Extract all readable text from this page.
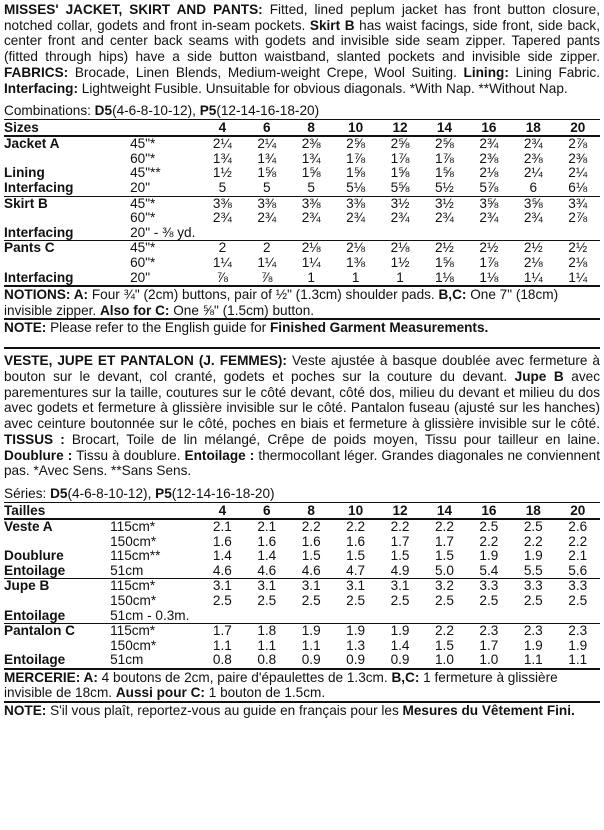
MISSES' JACKET, SKIRT AND PANTS: Fitted, lined peplum jacket has front button closure, notched collar, godets and front in-seam pockets. Skirt B has waist facings, side front, side back, center front and center back seams with godets and invisible side seam zipper. Tapered pants (fitted through hips) have a side button waistband, slanted pockets and invisible side zipper. FABRICS: Brocade, Linen Blends, Medium-weight Crepe, Wool Suiting. Lining: Lining Fabric. Interfacing: Lightweight Fusible. Unsuitable for obvious diagonals. *With Nap. **Without Nap.
Combinations: D5(4-6-8-10-12), P5(12-14-16-18-20)
Sizes		4	6	8	10	12	14	16	18	20
Jacket A	45"*	2¼	2¼	2⅜	2⅝	2⅝	2⅝	2¾	2¾	2⅞
	60"*	1¾	1¾	1¾	1⅞	1⅞	1⅞	2⅜	2⅜	2⅜
Lining	45"**	1½	1⅝	1⅝	1⅝	1⅝	1⅝	2⅛	2¼	2¼
Interfacing	20"	5	5	5	5⅛	5⅝	5½	5⅞	6	6⅛
Skirt B	45"*	3⅜	3⅜	3⅜	3⅜	3½	3½	3⅝	3⅝	3¾
	60"*	2¾	2¾	2¾	2¾	2¾	2¾	2¾	2¾	2⅞
Interfacing	20" - ⅜ yd.									
Pants C	45"*	2	2	2⅛	2⅛	2⅛	2½	2½	2½	2½
	60"*	1¼	1¼	1¼	1⅜	1½	1⅝	1⅞	2⅛	2⅛
Interfacing	20"	⅞	⅞	1	1	1	1⅛	1⅛	1¼	1¼
NOTIONS: A: Four ¾" (2cm) buttons, pair of ½" (1.3cm) shoulder pads. B,C: One 7" (18cm) invisible zipper. Also for C: One ⅝" (1.5cm) button.
NOTE: Please refer to the English guide for Finished Garment Measurements.
VESTE, JUPE ET PANTALON (J. FEMMES): Veste ajustée à basque doublée avec fermeture à bouton sur le devant, col cranté, godets et poches sur la couture du devant. Jupe B avec parementures sur la taille, coutures sur le côté devant, côté dos, milieu du devant et milieu du dos avec godets et fermeture à glissière invisible sur le côté. Pantalon fuseau (ajusté sur les hanches) avec ceinture boutonnée sur le côté, poches en biais et fermeture à glissière invisible sur le côté. TISSUS : Brocart, Toile de lin mélangé, Crêpe de poids moyen, Tissu pour tailleur en laine. Doublure : Tissu à doublure. Entoilage : thermocollant léger. Grandes diagonales ne conviennent pas. *Avec Sens. **Sans Sens.
Séries: D5(4-6-8-10-12), P5(12-14-16-18-20)
Tailles		4	6	8	10	12	14	16	18	20
Veste A	115cm*	2.1	2.1	2.2	2.2	2.2	2.2	2.5	2.5	2.6
	150cm*	1.6	1.6	1.6	1.6	1.7	1.7	2.2	2.2	2.2
Doublure	115cm**	1.4	1.4	1.5	1.5	1.5	1.5	1.9	1.9	2.1
Entoilage	51cm	4.6	4.6	4.6	4.7	4.9	5.0	5.4	5.5	5.6
Jupe B	115cm*	3.1	3.1	3.1	3.1	3.1	3.2	3.3	3.3	3.3
	150cm*	2.5	2.5	2.5	2.5	2.5	2.5	2.5	2.5	2.5
Entoilage	51cm - 0.3m.									
Pantalon C	115cm*	1.7	1.8	1.9	1.9	1.9	2.2	2.3	2.3	2.3
	150cm*	1.1	1.1	1.1	1.3	1.4	1.5	1.7	1.9	1.9
Entoilage	51cm	0.8	0.8	0.9	0.9	0.9	1.0	1.0	1.1	1.1
MERCERIE: A: 4 boutons de 2cm, paire d'épaulettes de 1.3cm. B,C: 1 fermeture à glissière invisible de 18cm. Aussi pour C: 1 bouton de 1.5cm.
NOTE: S'il vous plaît, reportez-vous au guide en français pour les Mesures du Vêtement Fini.
